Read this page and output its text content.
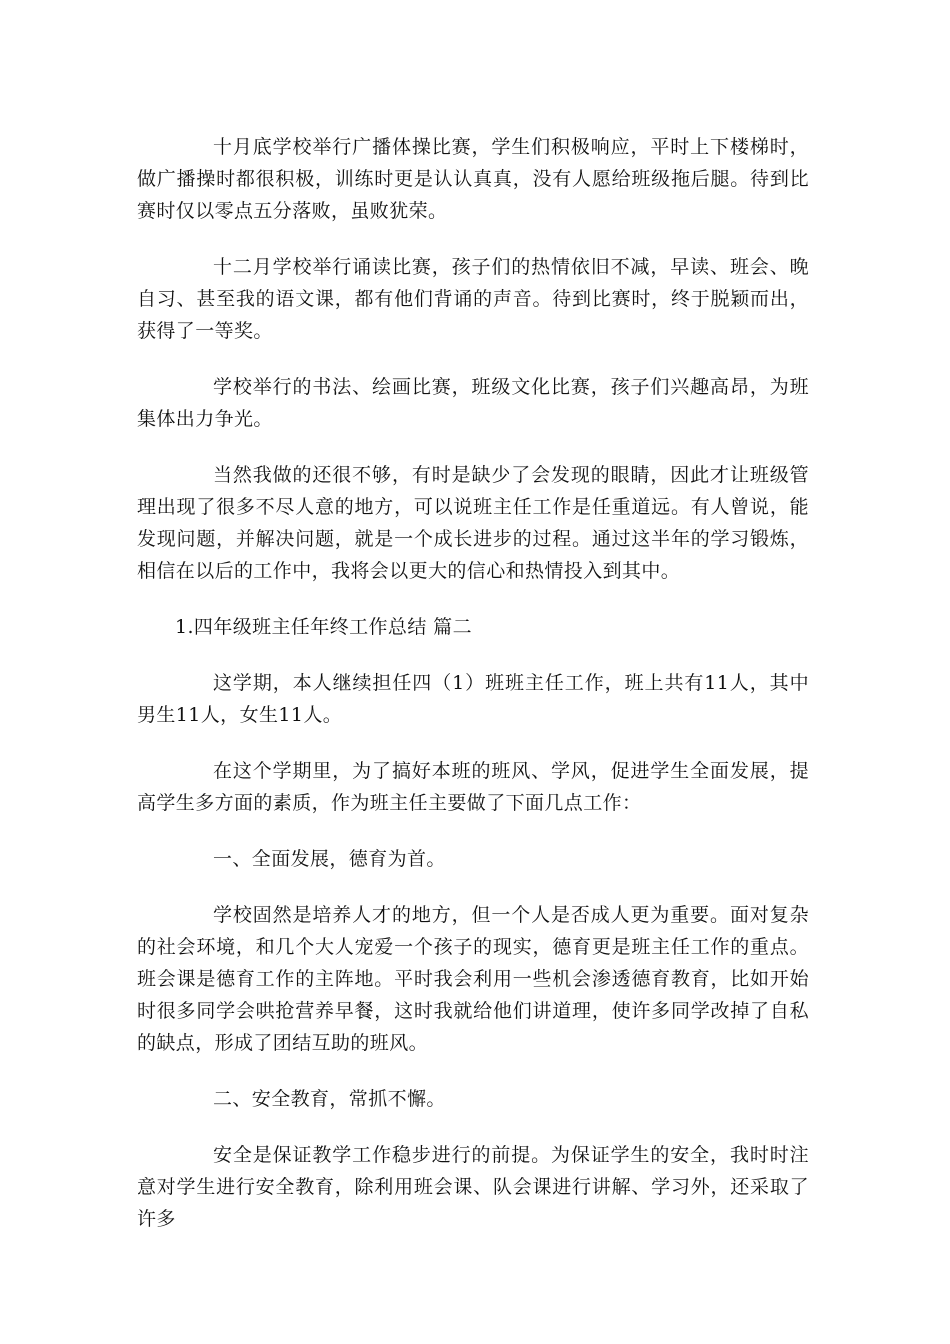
十月底学校举行广播体操比赛，学生们积极响应，平时上下楼梯时，做广播操时都很积极，训练时更是认认真真，没有人愿给班级拖后腿。待到比赛时仅以零点五分落败，虽败犹荣。

十二月学校举行诵读比赛，孩子们的热情依旧不减，早读、班会、晚自习、甚至我的语文课，都有他们背诵的声音。待到比赛时，终于脱颖而出，获得了一等奖。

学校举行的书法、绘画比赛，班级文化比赛，孩子们兴趣高昂，为班集体出力争光。

当然我做的还很不够，有时是缺少了会发现的眼睛，因此才让班级管理出现了很多不尽人意的地方，可以说班主任工作是任重道远。有人曾说，能发现问题，并解决问题，就是一个成长进步的过程。通过这半年的学习锻炼，相信在以后的工作中，我将会以更大的信心和热情投入到其中。

1.四年级班主任年终工作总结 篇二

这学期，本人继续担任四（1）班班主任工作，班上共有11人，其中男生11人，女生11人。

在这个学期里，为了搞好本班的班风、学风，促进学生全面发展，提高学生多方面的素质，作为班主任主要做了下面几点工作：

一、全面发展，德育为首。

学校固然是培养人才的地方，但一个人是否成人更为重要。面对复杂的社会环境，和几个大人宠爱一个孩子的现实，德育更是班主任工作的重点。班会课是德育工作的主阵地。平时我会利用一些机会渗透德育教育，比如开始时很多同学会哄抢营养早餐，这时我就给他们讲道理，使许多同学改掉了自私的缺点，形成了团结互助的班风。

二、安全教育，常抓不懈。

安全是保证教学工作稳步进行的前提。为保证学生的安全，我时时注意对学生进行安全教育，除利用班会课、队会课进行讲解、学习外，还采取了许多
